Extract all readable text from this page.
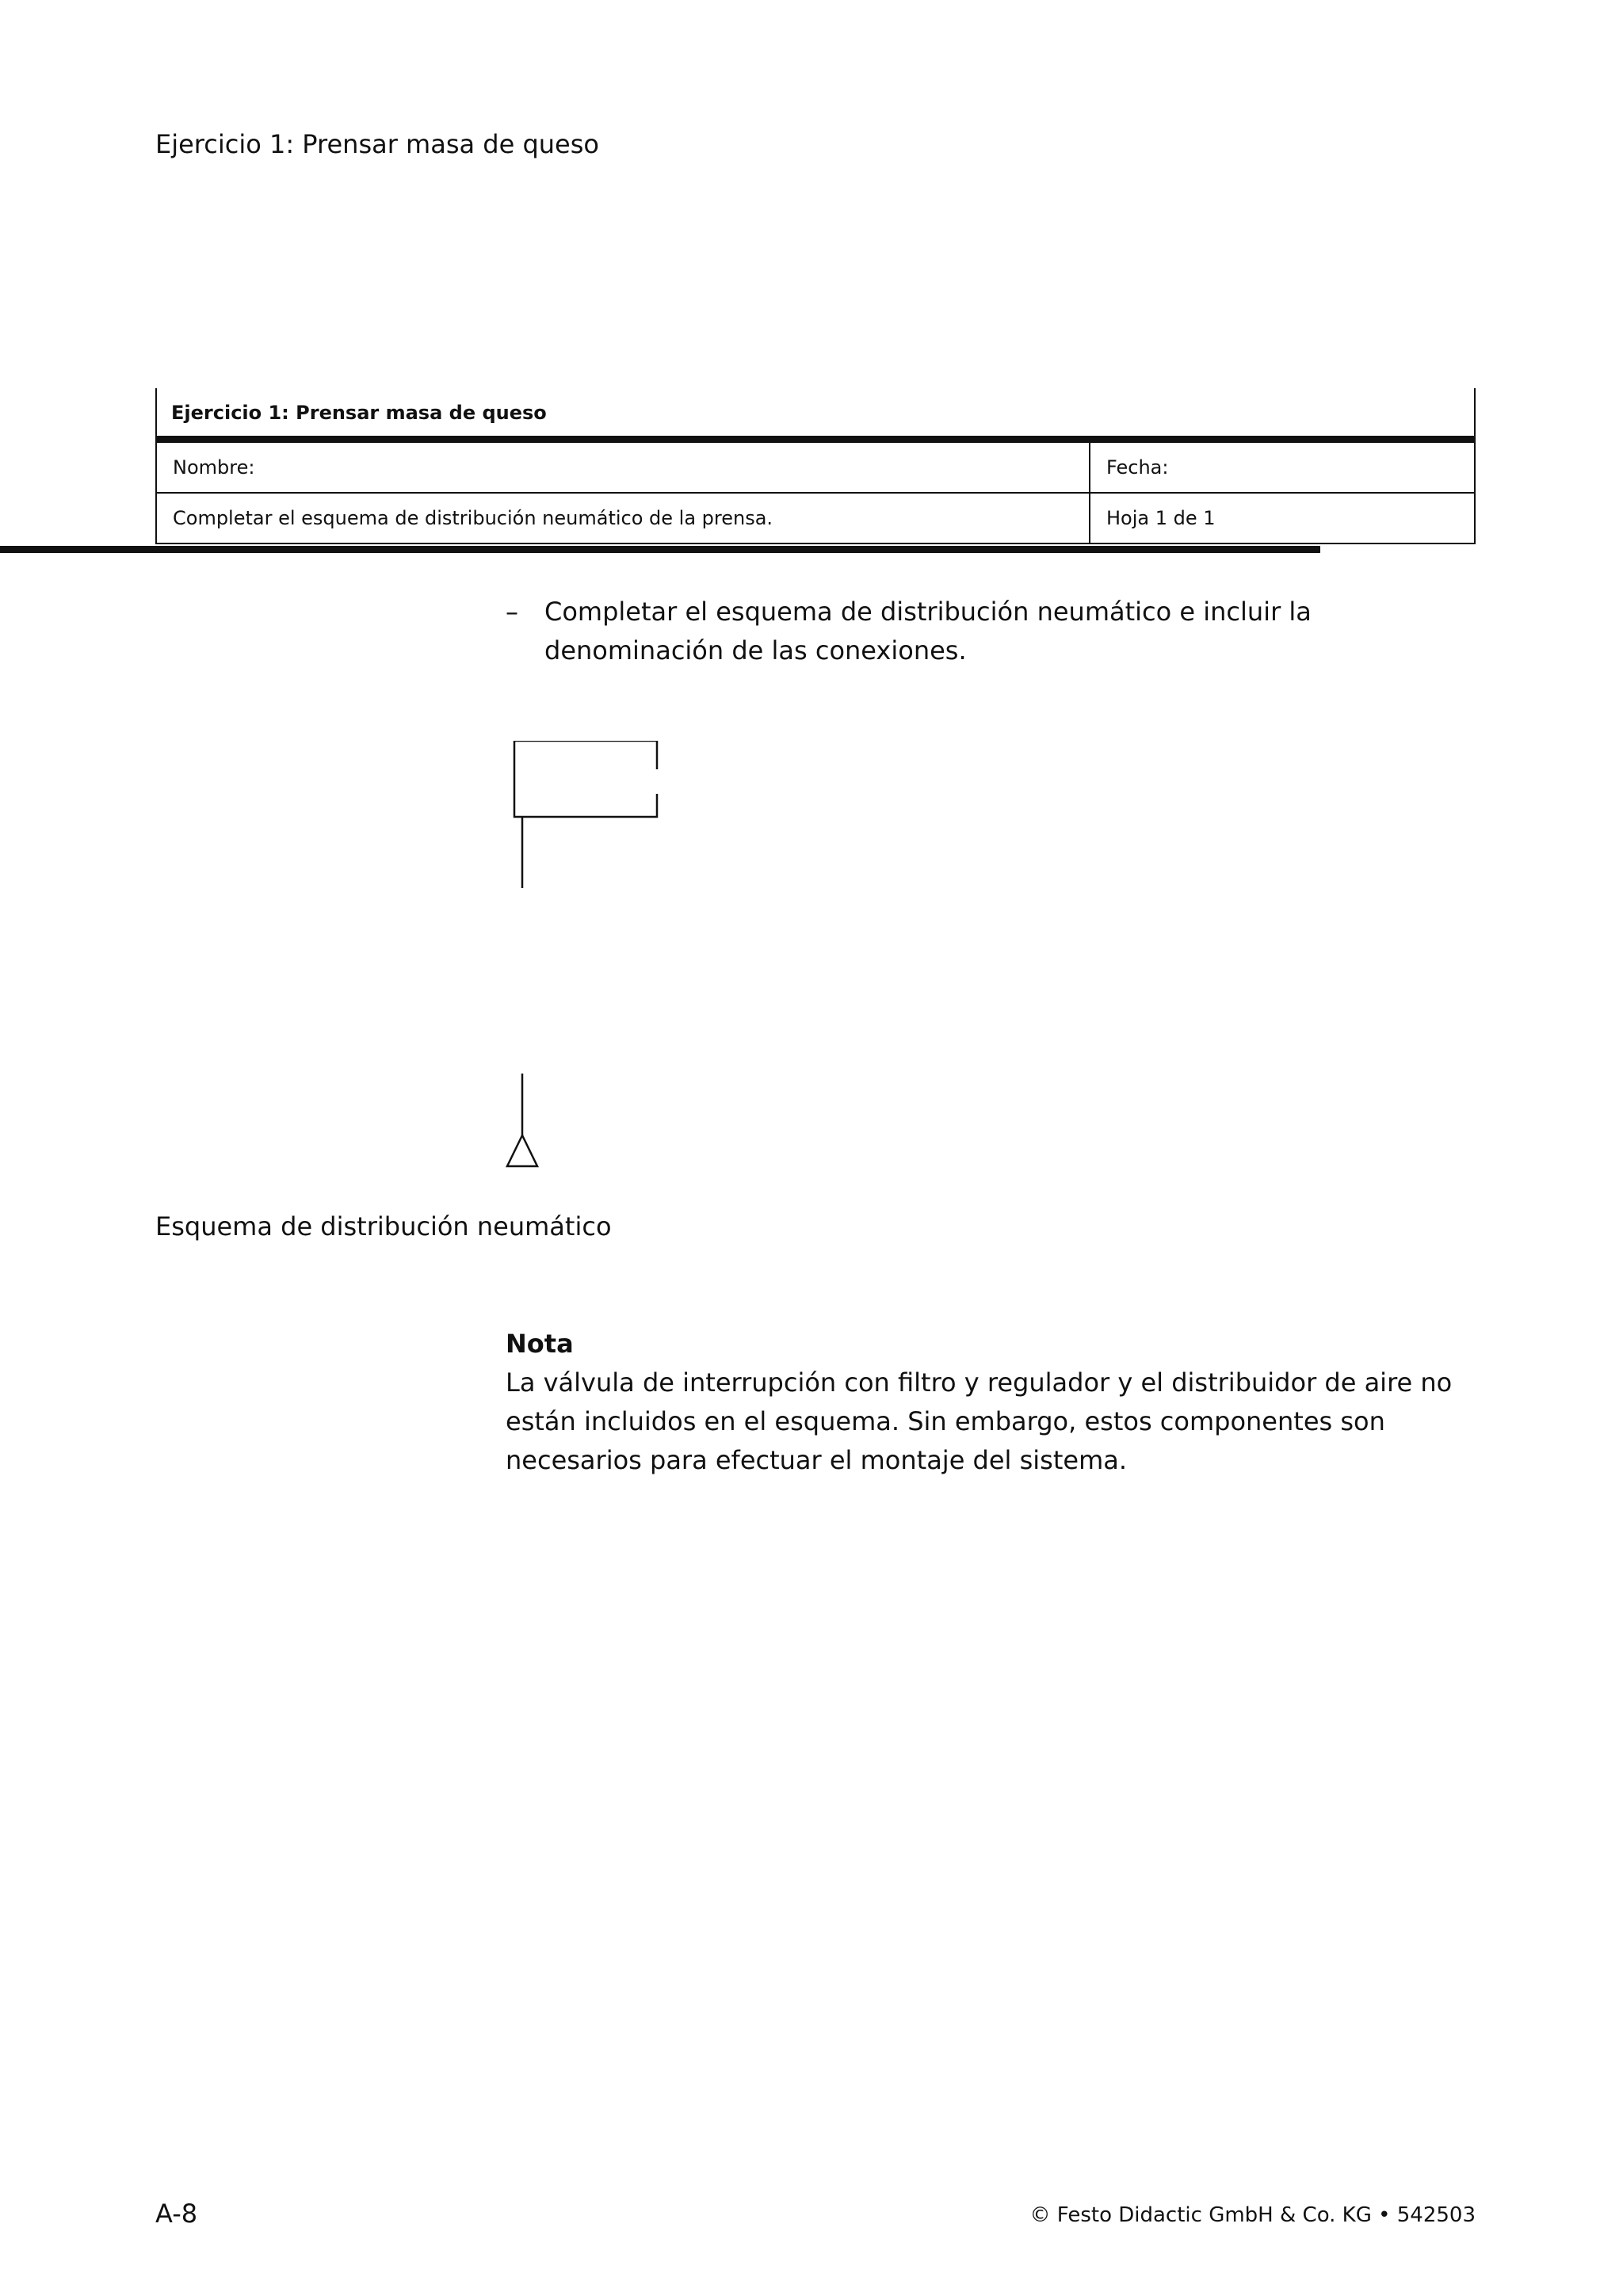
Ejercicio 1: Prensar masa de queso
Ejercicio 1: Prensar masa de queso
Nombre:	Fecha:
Completar el esquema de distribución neumático de la prensa.	Hoja 1 de 1
– Completar el esquema de distribución neumático e incluir la denominación de las conexiones.
Esquema de distribución neumático
Nota
La válvula de interrupción con filtro y regulador y el distribuidor de aire no están incluidos en el esquema. Sin embargo, estos componentes son necesarios para efectuar el montaje del sistema.
A-8	© Festo Didactic GmbH & Co. KG • 542503
